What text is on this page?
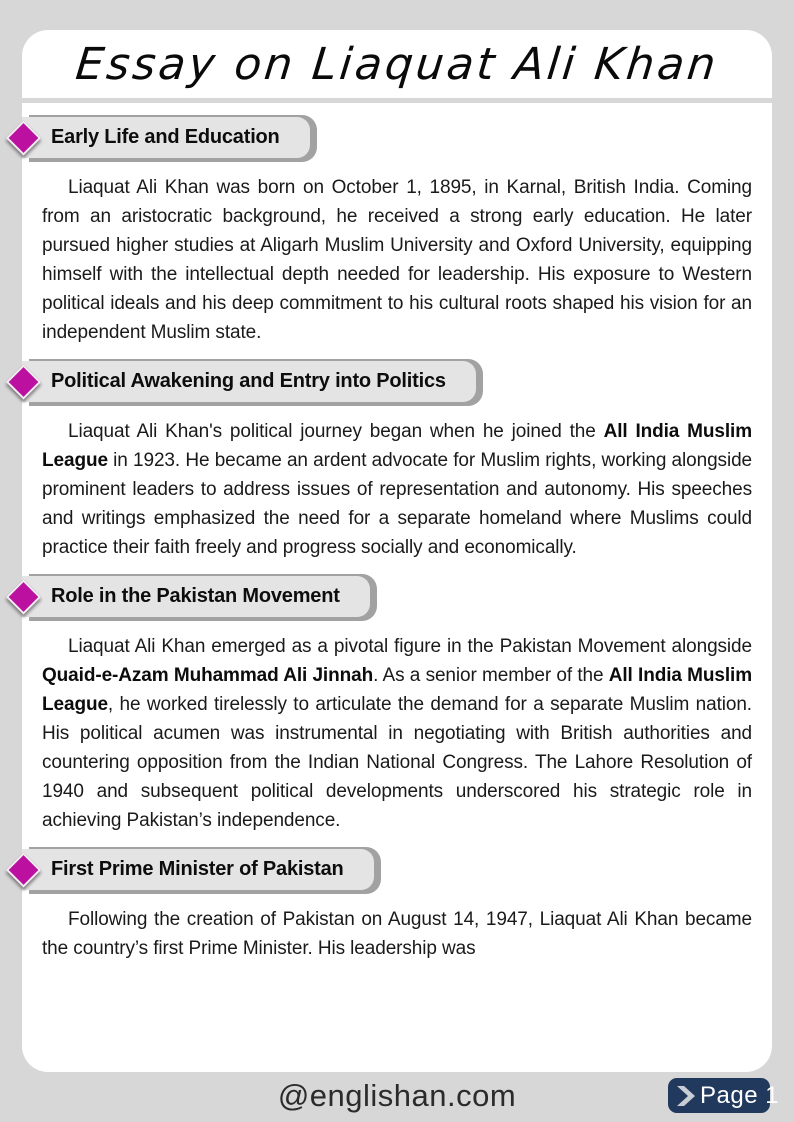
Essay on Liaquat Ali Khan
Early Life and Education

Liaquat Ali Khan was born on October 1, 1895, in Karnal, British India. Coming from an aristocratic background, he received a strong early education. He later pursued higher studies at Aligarh Muslim University and Oxford University, equipping himself with the intellectual depth needed for leadership. His exposure to Western political ideals and his deep commitment to his cultural roots shaped his vision for an independent Muslim state.

Political Awakening and Entry into Politics

Liaquat Ali Khan's political journey began when he joined the All India Muslim League in 1923. He became an ardent advocate for Muslim rights, working alongside prominent leaders to address issues of representation and autonomy. His speeches and writings emphasized the need for a separate homeland where Muslims could practice their faith freely and progress socially and economically.

Role in the Pakistan Movement

Liaquat Ali Khan emerged as a pivotal figure in the Pakistan Movement alongside Quaid-e-Azam Muhammad Ali Jinnah. As a senior member of the All India Muslim League, he worked tirelessly to articulate the demand for a separate Muslim nation. His political acumen was instrumental in negotiating with British authorities and countering opposition from the Indian National Congress. The Lahore Resolution of 1940 and subsequent political developments underscored his strategic role in achieving Pakistan’s independence.

First Prime Minister of Pakistan

Following the creation of Pakistan on August 14, 1947, Liaquat Ali Khan became the country’s first Prime Minister. His leadership was

@englishan.com	Page 1
